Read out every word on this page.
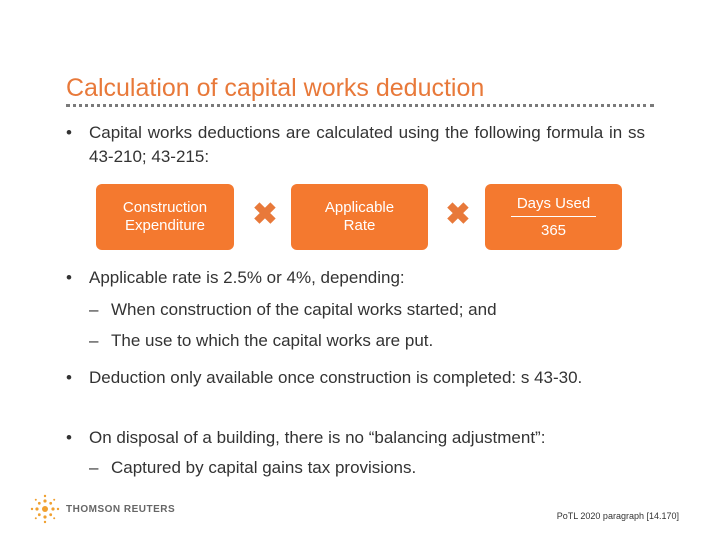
Calculation of capital works deduction
•	Capital works deductions are calculated using the following formula in ss 43-210; 43-215:
Construction
Expenditure ✖	Applicable
Rate ✖	Days Used
365
•	Applicable rate is 2.5% or 4%, depending:
– When construction of the capital works started; and
– The use to which the capital works are put.
•	Deduction only available once construction is completed: s 43-30.
•	On disposal of a building, there is no “balancing adjustment”:
– Captured by capital gains tax provisions.
THOMSON REUTERS
PoTL 2020 paragraph [14.170]
